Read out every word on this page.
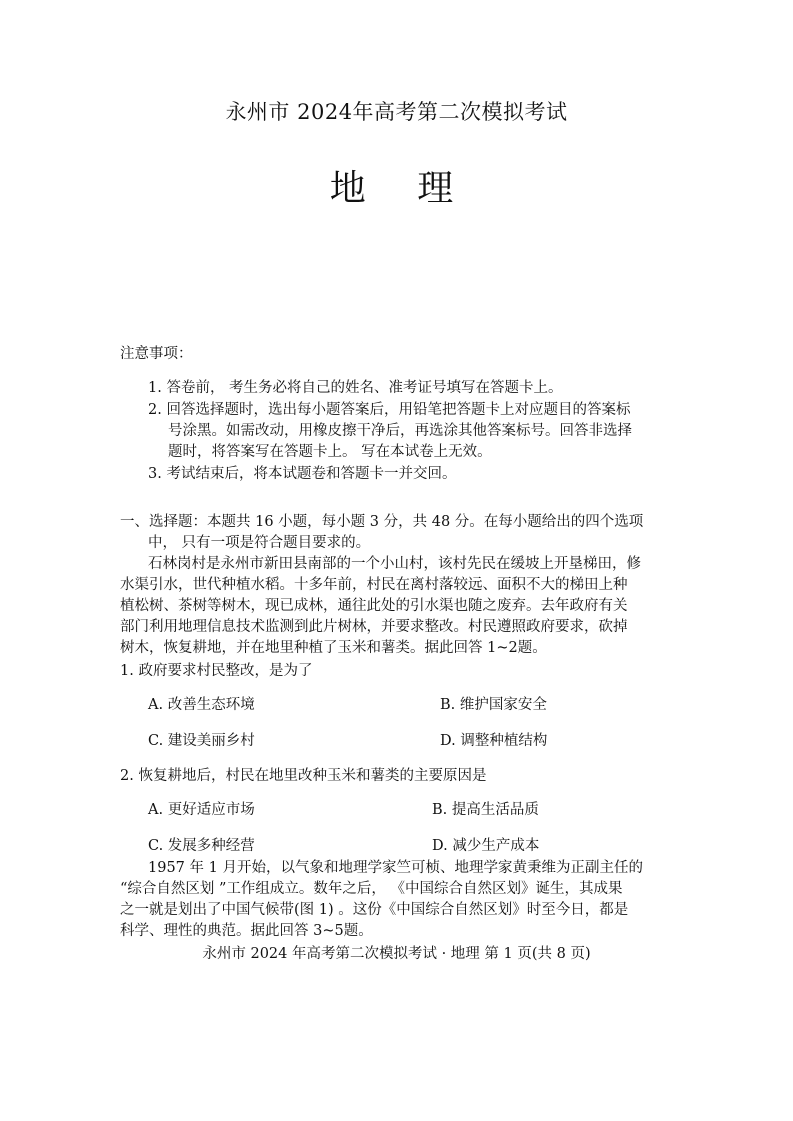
永州市 2024年高考第二次模拟考试
地 理
注意事项：
1. 答卷前， 考生务必将自己的姓名、准考证号填写在答题卡上。
2. 回答选择题时，选出每小题答案后，用铅笔把答题卡上对应题目的答案标
号涂黑。如需改动，用橡皮擦干净后，再选涂其他答案标号。回答非选择
题时，将答案写在答题卡上。 写在本试卷上无效。
3. 考试结束后，将本试题卷和答题卡一并交回。
一、选择题：本题共 16 小题，每小题 3 分，共 48 分。在每小题给出的四个选项
中， 只有一项是符合题目要求的。
石林岗村是永州市新田县南部的一个小山村，该村先民在缓坡上开垦梯田，修
水渠引水，世代种植水稻。十多年前，村民在离村落较远、面积不大的梯田上种
植松树、茶树等树木，现已成林，通往此处的引水渠也随之废弃。去年政府有关
部门利用地理信息技术监测到此片树林，并要求整改。村民遵照政府要求，砍掉
树木，恢复耕地，并在地里种植了玉米和薯类。据此回答 1~2题。
1. 政府要求村民整改，是为了
A. 改善生态环境	B. 维护国家安全
C. 建设美丽乡村	D. 调整种植结构
2. 恢复耕地后，村民在地里改种玉米和薯类的主要原因是
A. 更好适应市场	B. 提高生活品质
C. 发展多种经营	D. 减少生产成本
1957 年 1 月开始，以气象和地理学家竺可桢、地理学家黄秉维为正副主任的
“综合自然区划 ”工作组成立。数年之后， 《中国综合自然区划》诞生，其成果
之一就是划出了中国气候带(图 1) 。这份《中国综合自然区划》时至今日，都是
科学、理性的典范。据此回答 3~5题。
永州市 2024 年高考第二次模拟考试 · 地理 第 1 页(共 8 页)
